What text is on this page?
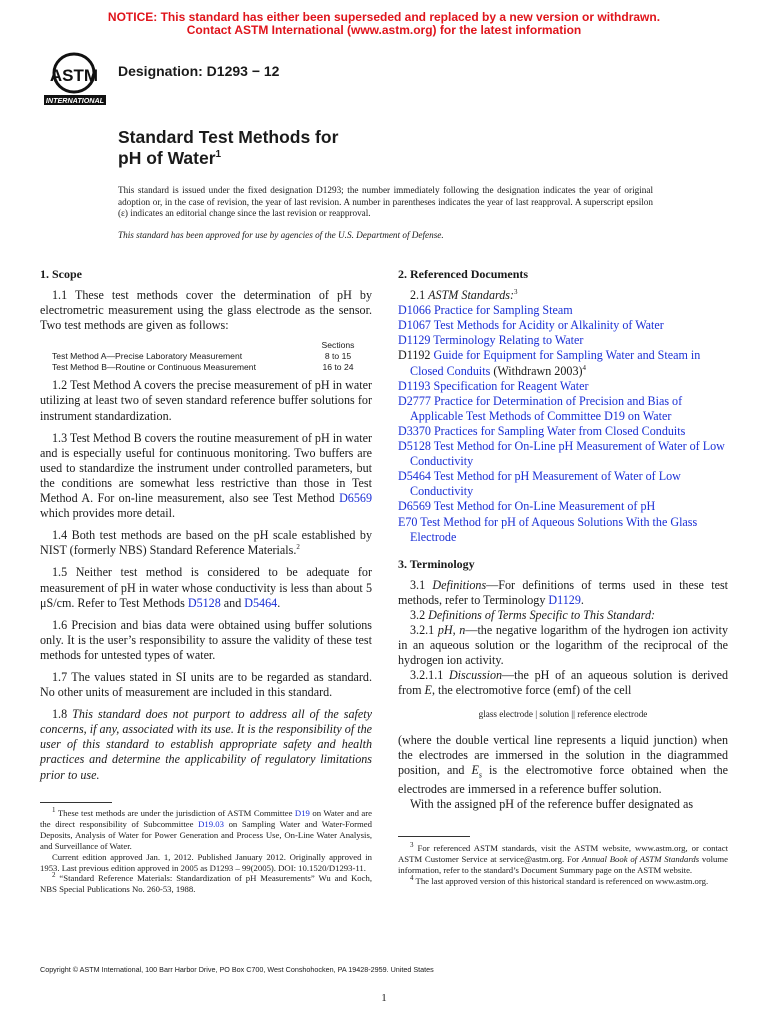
NOTICE: This standard has either been superseded and replaced by a new version or withdrawn.
Contact ASTM International (www.astm.org) for the latest information
ASTM
INTERNATIONAL
Designation: D1293 − 12
Standard Test Methods for
pH of Water$^1$
This standard is issued under the fixed designation D1293; the number immediately following the designation indicates the year of original adoption or, in the case of revision, the year of last revision. A number in parentheses indicates the year of last reapproval. A superscript epsilon (ε) indicates an editorial change since the last revision or reapproval.
This standard has been approved for use by agencies of the U.S. Department of Defense.
1. Scope
1.1 These test methods cover the determination of pH by electrometric measurement using the glass electrode as the sensor. Two test methods are given as follows:
Sections
Test Method A—Precise Laboratory Measurement	8 to 15
Test Method B—Routine or Continuous Measurement	16 to 24
1.2 Test Method A covers the precise measurement of pH in water utilizing at least two of seven standard reference buffer solutions for instrument standardization.
1.3 Test Method B covers the routine measurement of pH in water and is especially useful for continuous monitoring. Two buffers are used to standardize the instrument under controlled parameters, but the conditions are somewhat less restrictive than those in Test Method A. For on-line measurement, also see Test Method D6569 which provides more detail.
1.4 Both test methods are based on the pH scale established by NIST (formerly NBS) Standard Reference Materials.$^2$
1.5 Neither test method is considered to be adequate for measurement of pH in water whose conductivity is less than about 5 μS/cm. Refer to Test Methods D5128 and D5464.
1.6 Precision and bias data were obtained using buffer solutions only. It is the user’s responsibility to assure the validity of these test methods for untested types of water.
1.7 The values stated in SI units are to be regarded as standard. No other units of measurement are included in this standard.
1.8 This standard does not purport to address all of the safety concerns, if any, associated with its use. It is the responsibility of the user of this standard to establish appropriate safety and health practices and determine the applicability of regulatory limitations prior to use.
2. Referenced Documents
2.1 ASTM Standards:$^3$
D1066 Practice for Sampling Steam
D1067 Test Methods for Acidity or Alkalinity of Water
D1129 Terminology Relating to Water
D1192 Guide for Equipment for Sampling Water and Steam in Closed Conduits (Withdrawn 2003)$^4$
D1193 Specification for Reagent Water
D2777 Practice for Determination of Precision and Bias of Applicable Test Methods of Committee D19 on Water
D3370 Practices for Sampling Water from Closed Conduits
D5128 Test Method for On-Line pH Measurement of Water of Low Conductivity
D5464 Test Method for pH Measurement of Water of Low Conductivity
D6569 Test Method for On-Line Measurement of pH
E70 Test Method for pH of Aqueous Solutions With the Glass Electrode
3. Terminology
3.1 Definitions—For definitions of terms used in these test methods, refer to Terminology D1129.
3.2 Definitions of Terms Specific to This Standard:
3.2.1 pH, n—the negative logarithm of the hydrogen ion activity in an aqueous solution or the logarithm of the reciprocal of the hydrogen ion activity.
3.2.1.1 Discussion—the pH of an aqueous solution is derived from E, the electromotive force (emf) of the cell
glass electrode | solution || reference electrode
(where the double vertical line represents a liquid junction) when the electrodes are immersed in the solution in the diagrammed position, and $E_s$ is the electromotive force obtained when the electrodes are immersed in a reference buffer solution.
With the assigned pH of the reference buffer designated as

$^1$ These test methods are under the jurisdiction of ASTM Committee D19 on Water and are the direct responsibility of Subcommittee D19.03 on Sampling Water and Water-Formed Deposits, Analysis of Water for Power Generation and Process Use, On-Line Water Analysis, and Surveillance of Water.

Current edition approved Jan. 1, 2012. Published January 2012. Originally approved in 1953. Last previous edition approved in 2005 as D1293 – 99(2005). DOI: 10.1520/D1293-11.

$^2$ “Standard Reference Materials: Standardization of pH Measurements” Wu and Koch, NBS Special Publications No. 260-53, 1988.

$^3$ For referenced ASTM standards, visit the ASTM website, www.astm.org, or contact ASTM Customer Service at service@astm.org. For Annual Book of ASTM Standards volume information, refer to the standard’s Document Summary page on the ASTM website.

$^4$ The last approved version of this historical standard is referenced on www.astm.org.

Copyright © ASTM International, 100 Barr Harbor Drive, PO Box C700, West Conshohocken, PA 19428-2959. United States
1
